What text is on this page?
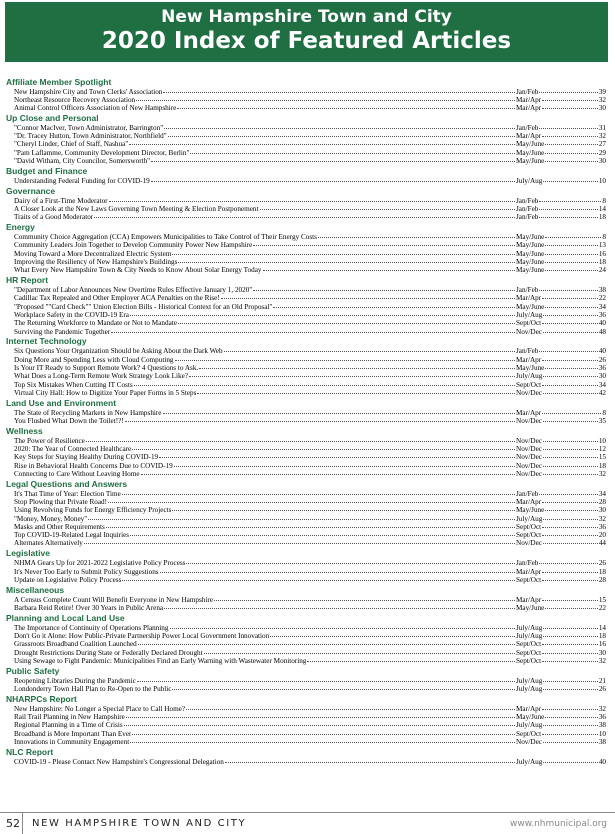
New Hampshire Town and City
2020 Index of Featured Articles
Affiliate Member Spotlight
New Hampshire City and Town Clerks' Association	Jan/Feb	39
Northeast Resource Recovery Association	Mar/Apr	32
Animal Control Officers Association of New Hampshire	Mar/Apr	30
Up Close and Personal
"Connor MacIver, Town Administrator, Barrington"	Jan/Feb	31
"Dr. Tracey Hutton, Town Administrator, Northfield"	Mar/Apr	32
"Cheryl Linder, Chief of Staff, Nashua"	May/June	27
"Pam Laflamme, Community Development Director, Berlin"	May/June	29
"David Witham, City Councilor, Somersworth"	May/June	30
Budget and Finance
Understanding Federal Funding for COVID-19	July/Aug	10
Governance
Dairy of a First-Time Moderator	Jan/Feb	8
A Closer Look at the New Laws Governing Town Meeting & Election Postponement	Jan/Feb	14
Traits of a Good Moderator	Jan/Feb	18
Energy
Community Choice Aggregation (CCA) Empowers Municipalities to Take Control of Their Energy Costs	May/June	8
Community Leaders Join Together to Develop Community Power New Hampshire	May/June	13
Moving Toward a More Decentralized Electric System	May/June	16
Improving the Resiliency of New Hampshire's Buildings	May/June	18
What Every New Hampshire Town & City Needs to Know About Solar Energy Today	May/June	24
HR Report
"Department of Labor Announces New Overtime Rules Effective January 1, 2020"	Jan/Feb	38
Cadillac Tax Repealed and Other Employer ACA Penalties on the Rise!	Mar/Apr	22
"Proposed ""Card Check"" Union Election Bills - Historical Context for an Old Proposal"	May/June	34
Workplace Safety in the COVID-19 Era	July/Aug	36
The Returning Workforce to Mandate or Not to Mandate	Sept/Oct	40
Surviving the Pandemic Together	Nov/Dec	48
Internet Technology
Six Questions Your Organization Should be Asking About the Dark Web	Jan/Feb	40
Doing More and Spending Less with Cloud Computing	Mar/Apr	26
Is Your IT Ready to Support Remote Work? 4 Questions to Ask.	May/June	36
What Does a Long-Term Remote Work Strategy Look Like?	July/Aug	30
Top Six Mistakes When Cutting IT Costs	Sept/Oct	34
Virtual City Hall: How to Digitize Your Paper Forms in 5 Steps	Nov/Dec	42
Land Use and Environment
The State of Recycling Markets in New Hampshire	Mar/Apr	8
You Flushed What Down the Toilet!?!	Nov/Dec	35
Wellness
The Power of Resilience	Nov/Dec	10
2020: The Year of Connected Healthcare	Nov/Dec	12
Key Steps for Staying Healthy During COVID-19	Nov/Dec	15
Rise in Behavioral Health Concerns Due to COVID-19	Nov/Dec	18
Connecting to Care Without Leaving Home	Nov/Dec	32
Legal Questions and Answers
It's That Time of Year: Election Time	Jan/Feb	34
Stop Plowing that Private Road!	Mar/Apr	28
Using Revolving Funds for Energy Efficiency Projects	May/June	30
"Money, Money, Money"	July/Aug	32
Masks and Other Requirements	Sept/Oct	36
Top COVID-19-Related Legal Inquiries	Sept/Oct	20
Alternates Alternatively	Nov/Dec	44
Legislative
NHMA Gears Up for 2021-2022 Legislative Policy Process	Jan/Feb	26
It's Never Too Early to Submit Policy Suggestions	Mar/Apr	18
Update on Legislative Policy Process	Sept/Oct	28
Miscellaneous
A Census Complete Count Will Benefit Everyone in New Hampshire	Mar/Apr	15
Barbara Reid Retire! Over 30 Years in Public Arena	May/June	22
Planning and Local Land Use
The Importance of Continuity of Operations Planning	July/Aug	14
Don't Go it Alone: How Public-Private Partnership Power Local Government Innovation	July/Aug	18
Grassroots Broadband Coalition Launched	Sept/Oct	16
Drought Restrictions During State or Federally Declared Drought	Sept/Oct	30
Using Sewage to Fight Pandemic: Municipalities Find an Early Warning with Wastewater Monitoring	Sept/Oct	32
Public Safety
Reopening Libraries During the Pandemic	July/Aug	21
Londonderry Town Hall Plan to Re-Open to the Public	July/Aug	26
NHARPCs Report
New Hampshire: No Longer a Special Place to Call Home?	Mar/Apr	32
Rail Trail Planning in New Hampshire	May/June	36
Regional Planning in a Time of Crisis	July/Aug	38
Broadband is More Important Than Ever	Sept/Oct	10
Innovations in Community Engagement	Nov/Dec	38
NLC Report
COVID-19 - Please Contact New Hampshire's Congressional Delegation	July/Aug	40
52 NEW HAMPSHIRE TOWN AND CITY	www.nhmunicipal.org
